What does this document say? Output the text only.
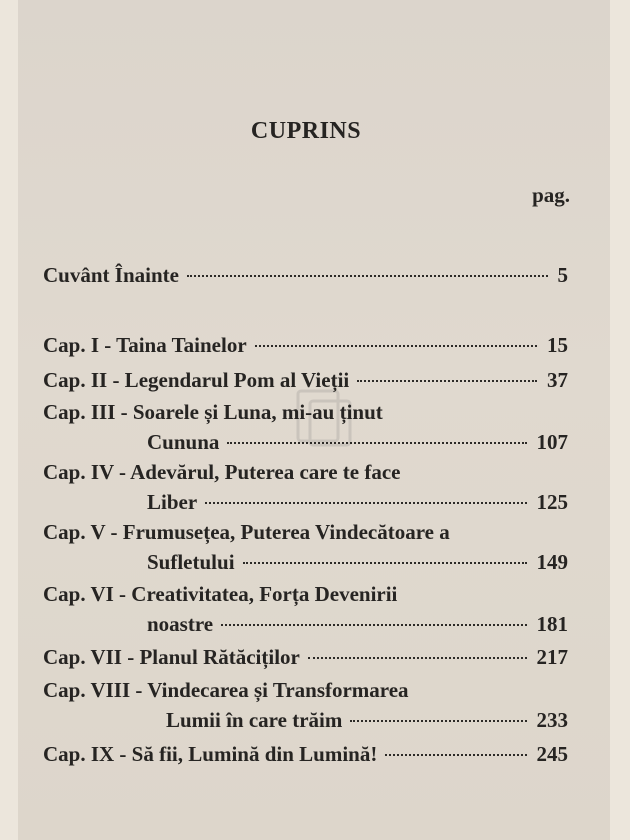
CUPRINS
pag.
Cuvânt Înainte	5
Cap. I - Taina Tainelor	15
Cap. II - Legendarul Pom al Vieții	37
Cap. III - Soarele și Luna, mi-au ținut
Cununa	107
Cap. IV - Adevărul, Puterea care te face
Liber	125
Cap. V - Frumusețea, Puterea Vindecătoare a
Sufletului	149
Cap. VI - Creativitatea, Forța Devenirii
noastre	181
Cap. VII - Planul Rătăciților	217
Cap. VIII - Vindecarea și Transformarea
Lumii în care trăim	233
Cap. IX - Să fii, Lumină din Lumină!	245
